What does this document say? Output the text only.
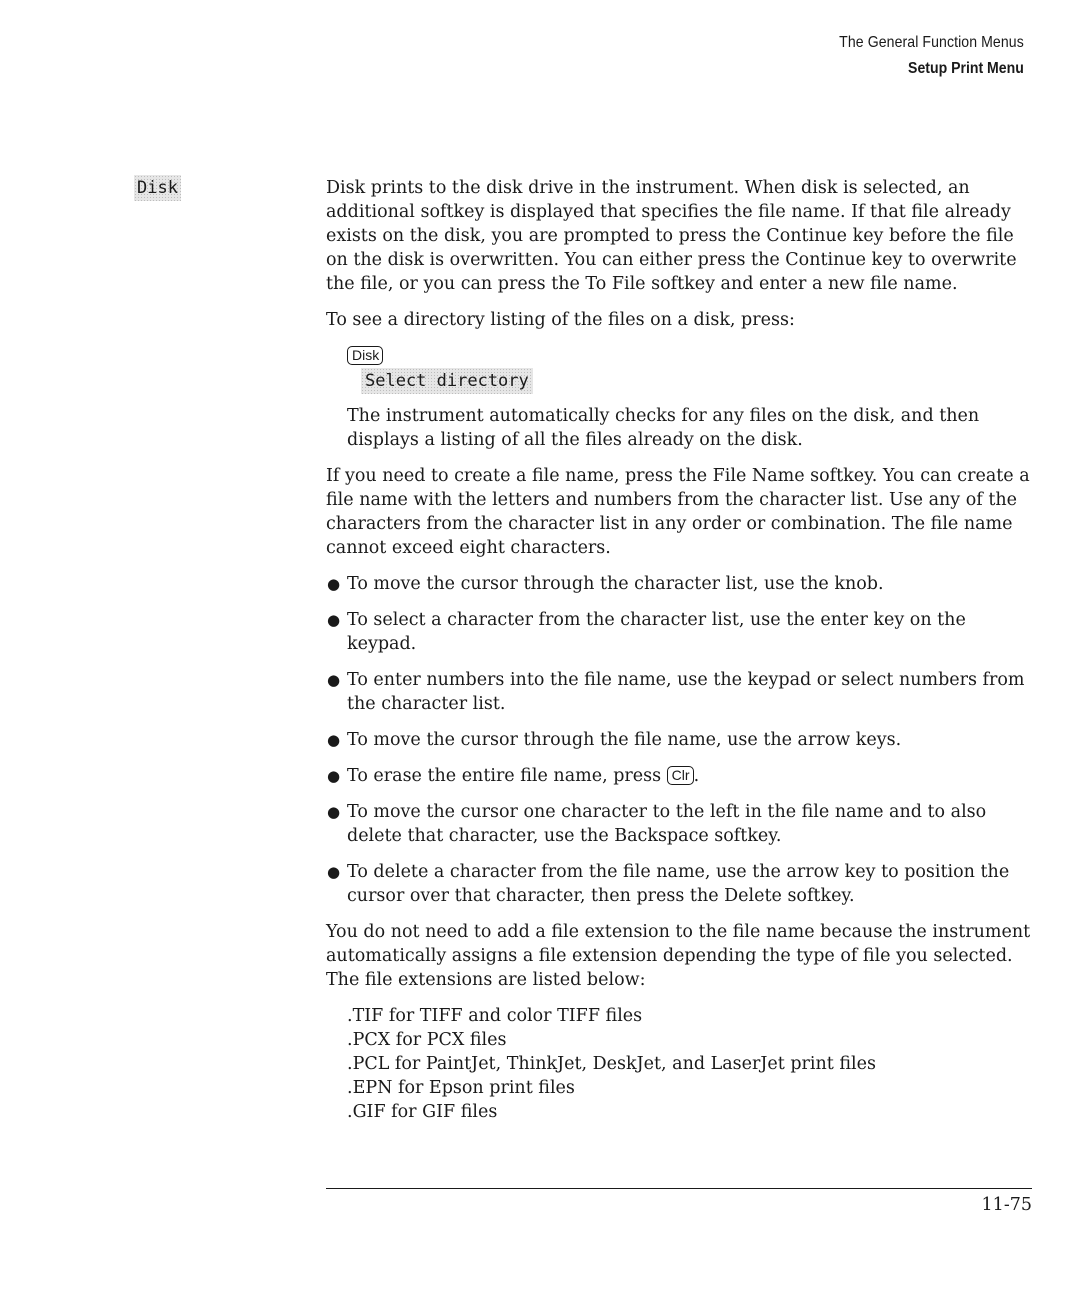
The General Function Menus
Setup Print Menu
Disk	Disk prints to the disk drive in the instrument. When disk is selected, an additional softkey is displayed that specifies the file name. If that file already exists on the disk, you are prompted to press the Continue key before the file on the disk is overwritten. You can either press the Continue key to overwrite the file, or you can press the To File softkey and enter a new file name.

To see a directory listing of the files on a disk, press:

Disk
Select directory

The instrument automatically checks for any files on the disk, and then displays a listing of all the files already on the disk.

If you need to create a file name, press the File Name softkey. You can create a file name with the letters and numbers from the character list. Use any of the characters from the character list in any order or combination. The file name cannot exceed eight characters.

● To move the cursor through the character list, use the knob.
● To select a character from the character list, use the enter key on the keypad.
● To enter numbers into the file name, use the keypad or select numbers from the character list.
● To move the cursor through the file name, use the arrow keys.
● To erase the entire file name, press Clr .
● To move the cursor one character to the left in the file name and to also delete that character, use the Backspace softkey.
● To delete a character from the file name, use the arrow key to position the cursor over that character, then press the Delete softkey.

You do not need to add a file extension to the file name because the instrument automatically assigns a file extension depending the type of file you selected. The file extensions are listed below:

.TIF for TIFF and color TIFF files
.PCX for PCX files
.PCL for PaintJet, ThinkJet, DeskJet, and LaserJet print files
.EPN for Epson print files
.GIF for GIF files
11-75
